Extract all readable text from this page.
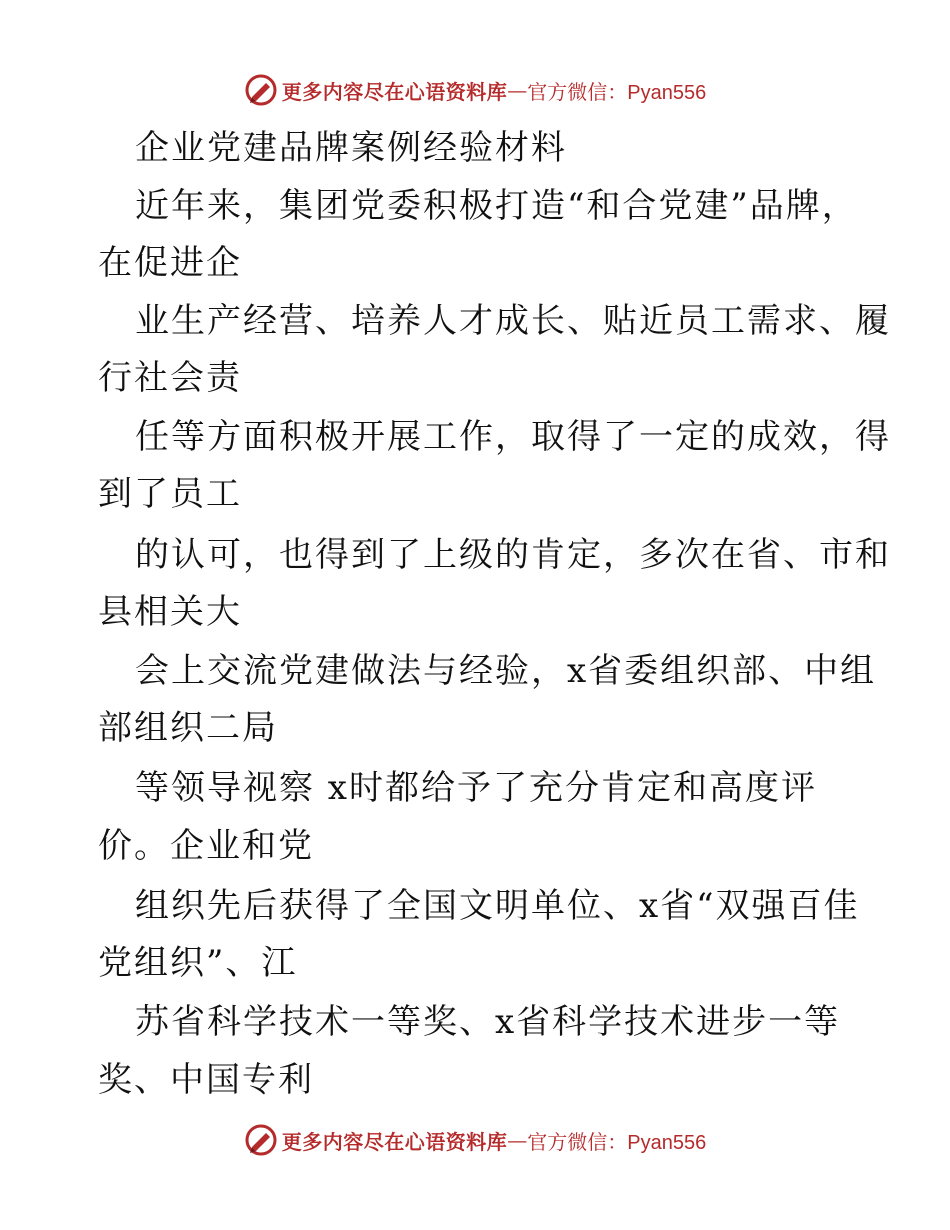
更多内容尽在心语资料库 — 官方微信：Pyan556
企业党建品牌案例经验材料
近年来，集团党委积极打造“和合党建”品牌，
在促进企
业生产经营、培养人才成长、贴近员工需求、履
行社会责
任等方面积极开展工作，取得了一定的成效，得
到了员工
的认可，也得到了上级的肯定，多次在省、市和
县相关大
会上交流党建做法与经验，x省委组织部、中组
部组织二局
等领导视察 x时都给予了充分肯定和高度评
价。企业和党
组织先后获得了全国文明单位、x省“双强百佳
党组织”、江
苏省科学技术一等奖、x省科学技术进步一等
奖、中国专利
更多内容尽在心语资料库 — 官方微信：Pyan556
